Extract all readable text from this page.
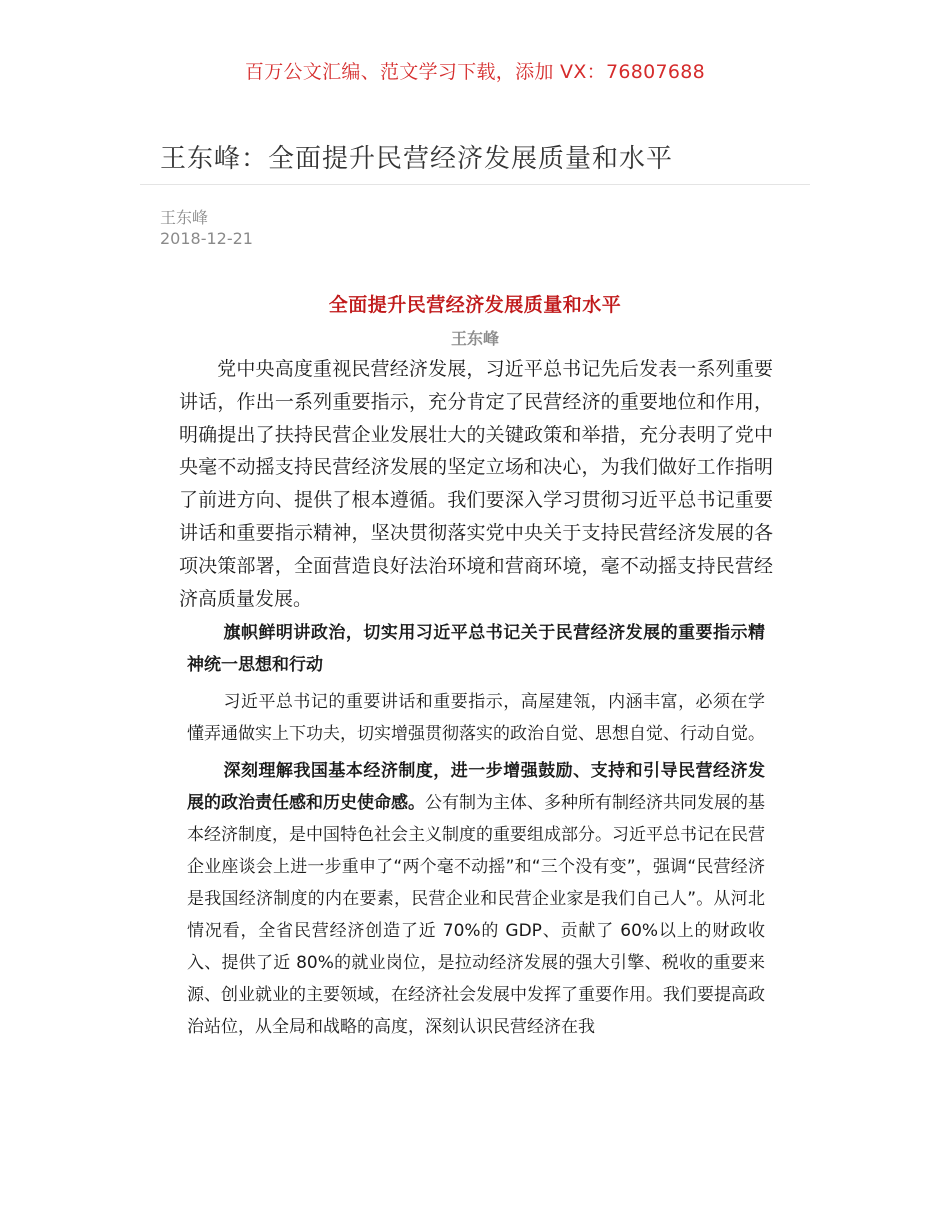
百万公文汇编、范文学习下载，添加 VX：76807688
王东峰：全面提升民营经济发展质量和水平
王东峰
2018-12-21
全面提升民营经济发展质量和水平
王东峰

党中央高度重视民营经济发展，习近平总书记先后发表一系列重要讲话，作出一系列重要指示，充分肯定了民营经济的重要地位和作用，明确提出了扶持民营企业发展壮大的关键政策和举措，充分表明了党中央毫不动摇支持民营经济发展的坚定立场和决心，为我们做好工作指明了前进方向、提供了根本遵循。我们要深入学习贯彻习近平总书记重要讲话和重要指示精神，坚决贯彻落实党中央关于支持民营经济发展的各项决策部署，全面营造良好法治环境和营商环境，毫不动摇支持民营经济高质量发展。

旗帜鲜明讲政治，切实用习近平总书记关于民营经济发展的重要指示精神统一思想和行动

习近平总书记的重要讲话和重要指示，高屋建瓴，内涵丰富，必须在学懂弄通做实上下功夫，切实增强贯彻落实的政治自觉、思想自觉、行动自觉。

深刻理解我国基本经济制度，进一步增强鼓励、支持和引导民营经济发展的政治责任感和历史使命感。公有制为主体、多种所有制经济共同发展的基本经济制度，是中国特色社会主义制度的重要组成部分。习近平总书记在民营企业座谈会上进一步重申了“两个毫不动摇”和“三个没有变”，强调“民营经济是我国经济制度的内在要素，民营企业和民营企业家是我们自己人”。从河北情况看，全省民营经济创造了近 70%的 GDP、贡献了 60%以上的财政收入、提供了近 80%的就业岗位，是拉动经济发展的强大引擎、税收的重要来源、创业就业的主要领域，在经济社会发展中发挥了重要作用。我们要提高政治站位，从全局和战略的高度，深刻认识民营经济在我
